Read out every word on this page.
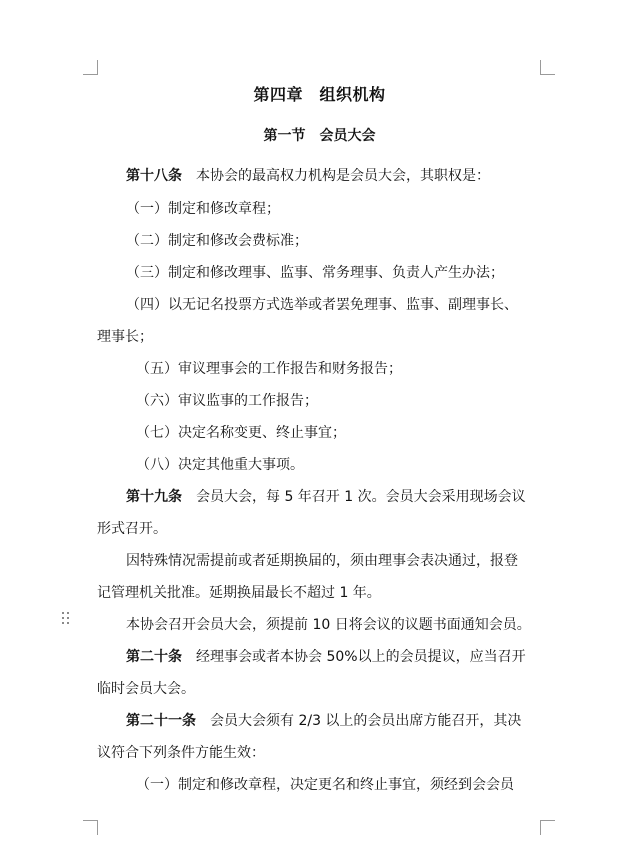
第四章　组织机构
第一节　会员大会
第十八条　本协会的最高权力机构是会员大会，其职权是：
（一）制定和修改章程；
（二）制定和修改会费标准；
（三）制定和修改理事、监事、常务理事、负责人产生办法；
（四）以无记名投票方式选举或者罢免理事、监事、副理事长、
理事长；
（五）审议理事会的工作报告和财务报告；
（六）审议监事的工作报告；
（七）决定名称变更、终止事宜；
（八）决定其他重大事项。
第十九条　会员大会，每 5 年召开 1 次。会员大会采用现场会议
形式召开。
因特殊情况需提前或者延期换届的，须由理事会表决通过，报登
记管理机关批准。延期换届最长不超过 1 年。
本协会召开会员大会，须提前 10 日将会议的议题书面通知会员。
第二十条　经理事会或者本协会 50%以上的会员提议，应当召开
临时会员大会。
第二十一条　会员大会须有 2/3 以上的会员出席方能召开，其决
议符合下列条件方能生效：
（一）制定和修改章程，决定更名和终止事宜，须经到会会员
